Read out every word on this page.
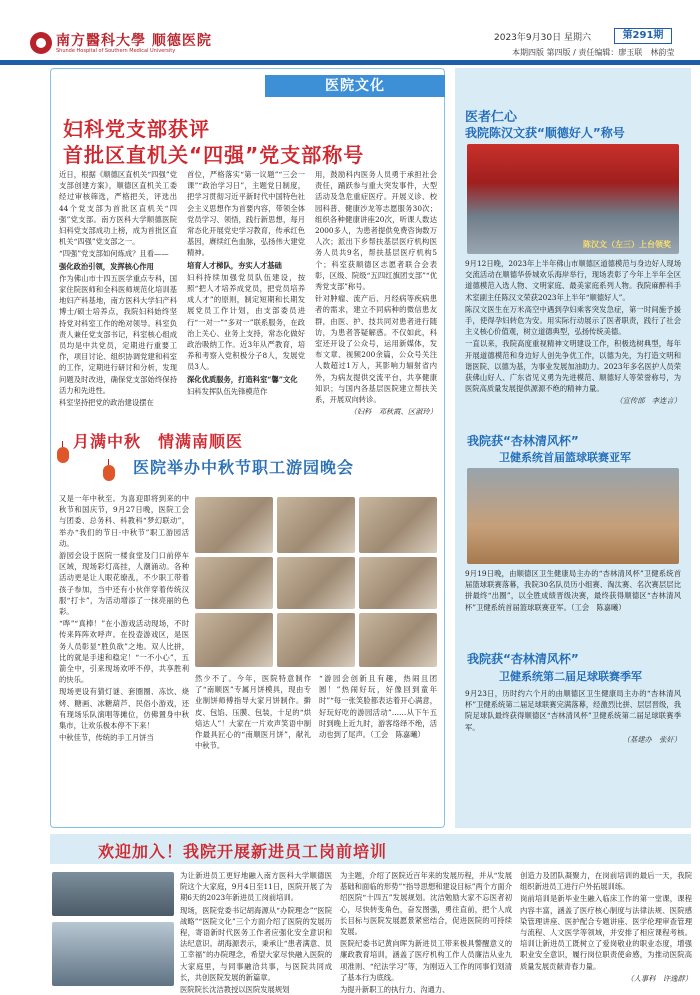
南方醫科大學 顺德医院
Shunde Hospital of Southern Medical University
2023年9月30日 星期六	第291期
本期四版 第四版 / 责任编辑：廖玉联　林韵莹
医院文化
妇科党支部获评
首批区直机关“四强”党支部称号

近日，根据《顺德区直机关“四强”党支部创建方案》，顺德区直机关工委经过审核筛选，严格把关，评选出44个党支部为首批区直机关“四强”党支部。南方医科大学顺德医院妇科党支部成功上榜，成为首批区直机关“四强”党支部之一。

“四强”党支部如何炼成？且看——

强化政治引领，发挥核心作用

作为佛山市十四五医学重点专科，国家住院医师和全科医师规范化培训基地妇产科基地，南方医科大学妇产科博士/硕士培养点，我院妇科始终坚持党对科室工作的绝对领导。科室负责人兼任党支部书记，科室核心组成员均是中共党员，定期进行重要工作，项目讨论、组织协调党建和科室的工作，定期进行研讨和分析，发现问题及时改进，确保党支部始终保持活力和先进性。

科室坚持把党的政治建设摆在

首位，严格落实“第一议题”“三会一课”“政治学习日”，主题党日制度，把学习贯彻习近平新时代中国特色社会主义思想作为首要内容，带领全体党员学习、领悟，践行新思想，每月常态化开展党史学习教育，传承红色基因，赓续红色血脉，弘扬伟大建党精神。

培育人才梯队，夯实人才基础

妇科持续加强党员队伍建设，按照“把人才培养成党员，把党员培养成人才”的原则，制定短期和长期发展党员工作计划，由支部委员进行“一对一”“多对一”联系服务，在政治上关心、业务上支持，常态化做好政治吸纳工作。近3年从严教育，培养和考察入党积极分子8人，发展党员3人。

深化优质服务，打造科室“馨”文化

妇科发挥队伍先锋模范作

用，鼓励科内医务人员勇于承担社会责任，踊跃参与重大突发事件，大型活动及急危重症医疗。开展义诊、校园科普、健康沙龙等志愿服务30次；组织各种健康讲座20次，听课人数达2000多人，为患者提供免费咨询数万人次；派出下乡帮扶基层医疗机构医务人员共9名，帮扶基层医疗机构5个；科室获顺德区志愿者联合会表彰，区级、院级“五四红旗团支部”“优秀党支部”称号。

针对肿瘤、流产后、月经病等疾病患者的需求，建立不同病种的微信患友群，由医、护、技共同对患者进行随访，为患者答疑解惑。不仅如此，科室还开设了公众号，运用新媒体，发布文章、视频200余篇，公众号关注人数超过1万人，其影响力辐射省内外，为病友提供交流平台，共享健康知识；与国内各基层医院建立帮扶关系，开展双向转诊。

（妇科　邓秋霞、区淑玲）

月满中秋　情满南顺医
医院举办中秋节职工游园晚会

又是一年中秋至。为喜迎即将到来的中秋节和国庆节，9月27日晚，医院工会与团委、总务科、科教科“梦幻联动”，举办“我们的节日·中秋节”职工游园活动。

游园会设于医院一楼食堂及门口前停车区域，现场彩灯高挂，人潮涌动。各种活动更是让人眼花缭乱，不少职工带着孩子参加，当中还有小伙伴穿着传统汉服“打卡”，为活动增添了一抹亮丽的色彩。

“哗”“真棒！”在小游戏活动现场，不时传来阵阵欢呼声。在投壶游戏区，是医务人员彰显“胜负欲”之地。双人比拼，比的就是手速和稳定！“一不小心”，五箭全中，引来现场欢呼不停，共享胜利的快乐。

现场更设有猜灯谜、套圈圈、冻饮、烧烤、糖画、冰糖葫芦、民俗小游戏，还有现场乐队演唱等摊位，仿佛置身中秋集市，让欢乐极本停不下来！

中秋佳节，传统的手工月饼当

然少不了。今年，医院特意制作了“南顺医”专属月饼模具，现由专业制饼师傅指导大家月饼制作。擀皮、包馅、压膜、包装，十足的“烘焙达人”！大家在一片欢声笑语中制作最具匠心的“南顺医月饼”，献礼中秋节。

“游园会创新且有趣，热闹且团圆！”热闹好玩，好像回到童年时”“每一张笑脸都表达着开心满意，好玩好吃的游园活动”……从下午五时到晚上近九时，游客络绎不绝，活动也到了尾声。（工会　陈嘉曦）

医者仁心
我院陈汉文获“顺德好人”称号
陈汉文（左三）上台领奖

9月12日晚，2023年上半年佛山市顺德区道德模范与身边好人现场交流活动在顺德华侨城欢乐海岸举行，现场表彰了今年上半年全区道德模范入选人物、文明家庭、最美家庭系列人物。我院麻醉科手术室副主任陈汉文荣获2023年上半年“顺德好人”。

陈汉文医生在万米高空中遇到孕妇乘客突发急症，第一时间施予援手，使得孕妇转危为安。用实际行动展示了医者职责，践行了社会主义核心价值观，树立道德典型，弘扬传统美德。

一直以来，我院高度重视精神文明建设工作，积极选树典型，每年开展道德模范和身边好人创先争优工作，以德为先，为打造文明和谐医院、以德为基，为事业发展加油助力。2023年多名医护人员荣获佛山好人、广东省见义勇为先进模范、顺德好人等荣誉称号，为医院高质量发展提供源源不绝的精神力量。

（宣传部　李连言）

我院获“杏林清风杯”
卫健系统首届篮球联赛亚军

9月19日晚，由顺德区卫生健康局主办的“杏林清风杯”卫健系统首届篮球联赛落幕，我院30名队员历小组赛、淘汰赛、名次赛层层比拼最终“出圈”，以全胜成绩晋级决赛，最终获得顺德区“杏林清风杯”卫健系统首届篮球联赛亚军。（工会　陈嘉曦）

我院获“杏林清风杯”
卫健系统第二届足球联赛季军

9月23日，历时约六个月的由顺德区卫生健康局主办的“杏林清风杯”卫健系统第二届足球联赛完满落幕，经激烈比拼、层层晋级，我院足球队最终获得顺德区“杏林清风杯”卫健系统第二届足球联赛季军。

（基建办　张奸）

欢迎加入！我院开展新进员工岗前培训

为让新进员工更好地融入南方医科大学顺德医院这个大家庭，9月4日至11日，医院开展了为期6天的2023年新进员工岗前培训。

现场，医院党委书记胡海源从“办院理念”“医院战略”“医院文化”三个方面介绍了医院的发展历程，寄语新时代医务工作者应强化安全意识和法纪意识。胡海源表示，秉承让“患者满意、员工幸福”的办院理念，希望大家尽快融入医院的大家庭里，与同事融洽共事，与医院共同成长，共创医院发展的新篇章。

医院院长沈洁教授以医院发展规划

为主题，介绍了医院近百年来的发展历程，并从“发展基础和面临的形势”“指导思想和建设目标”两个方面介绍医院“十四五”发展规划。沈洁勉励大家不忘医者初心，尽快转变角色，奋发图强，勇往直前，把个人成长目标与医院发展愿景紧密结合，促进医院的可持续发展。

医院纪委书记黄向晖为新进员工带来极具警醒意义的廉政教育培训，涵盖了医疗机构工作人员廉洁从业九项准则、“纪法学习”等，为刚迈入工作的同事们划清了基本行为底线。

为提升新职工的执行力、沟通力、

创造力及团队凝聚力，在岗前培训的最后一天，我院组织新进员工进行户外拓展训练。

岗前培训是新毕业生融入临床工作的第一堂课，课程内容丰富，涵盖了医疗核心制度与法律法规、医院感染管理讲座、医护配合专题讲座、医学伦理审查管理与流程、人文医学等领域，并安排了相应课程考核。培训让新进员工既树立了爱岗敬业的职业态度，增强职业安全意识，履行岗位职责使命感，为推动医院高质量发展贡献青春力量。

（人事科　许逸群）
